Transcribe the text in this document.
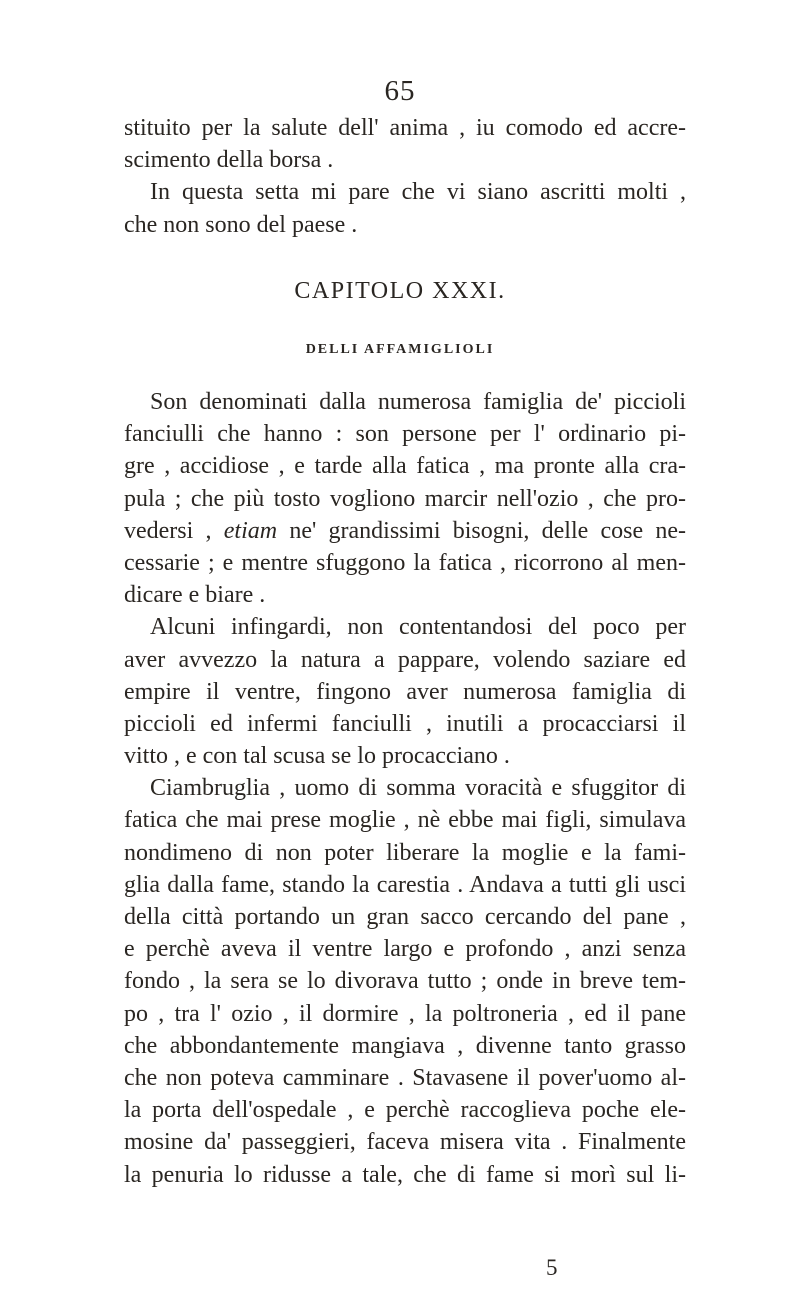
65
stituito per la salute dell' anima , iu comodo ed accre-
scimento della borsa .
In questa setta mi pare che vi siano ascritti molti ,
che non sono del paese .
CAPITOLO XXXI.
DELLI AFFAMIGLIOLI
Son denominati dalla numerosa famiglia de' piccioli
fanciulli che hanno : son persone per l' ordinario pi-
gre , accidiose , e tarde alla fatica , ma pronte alla cra-
pula ; che più tosto vogliono marcir nell'ozio , che pro-
vedersi , etiam ne' grandissimi bisogni, delle cose ne-
cessarie ; e mentre sfuggono la fatica , ricorrono al men-
dicare e biare .
Alcuni infingardi, non contentandosi del poco per
aver avvezzo la natura a pappare, volendo saziare ed
empire il ventre, fingono aver numerosa famiglia di
piccioli ed infermi fanciulli , inutili a procacciarsi il
vitto , e con tal scusa se lo procacciano .
Ciambruglia , uomo di somma voracità e sfuggitor di
fatica che mai prese moglie , nè ebbe mai figli, simulava
nondimeno di non poter liberare la moglie e la fami-
glia dalla fame, stando la carestia . Andava a tutti gli usci
della città portando un gran sacco cercando del pane ,
e perchè aveva il ventre largo e profondo , anzi senza
fondo , la sera se lo divorava tutto ; onde in breve tem-
po , tra l' ozio , il dormire , la poltroneria , ed il pane
che abbondantemente mangiava , divenne tanto grasso
che non poteva camminare . Stavasene il pover'uomo al-
la porta dell'ospedale , e perchè raccoglieva poche ele-
mosine da' passeggieri, faceva misera vita . Finalmente
la penuria lo ridusse a tale, che di fame si morì sul li-
5
